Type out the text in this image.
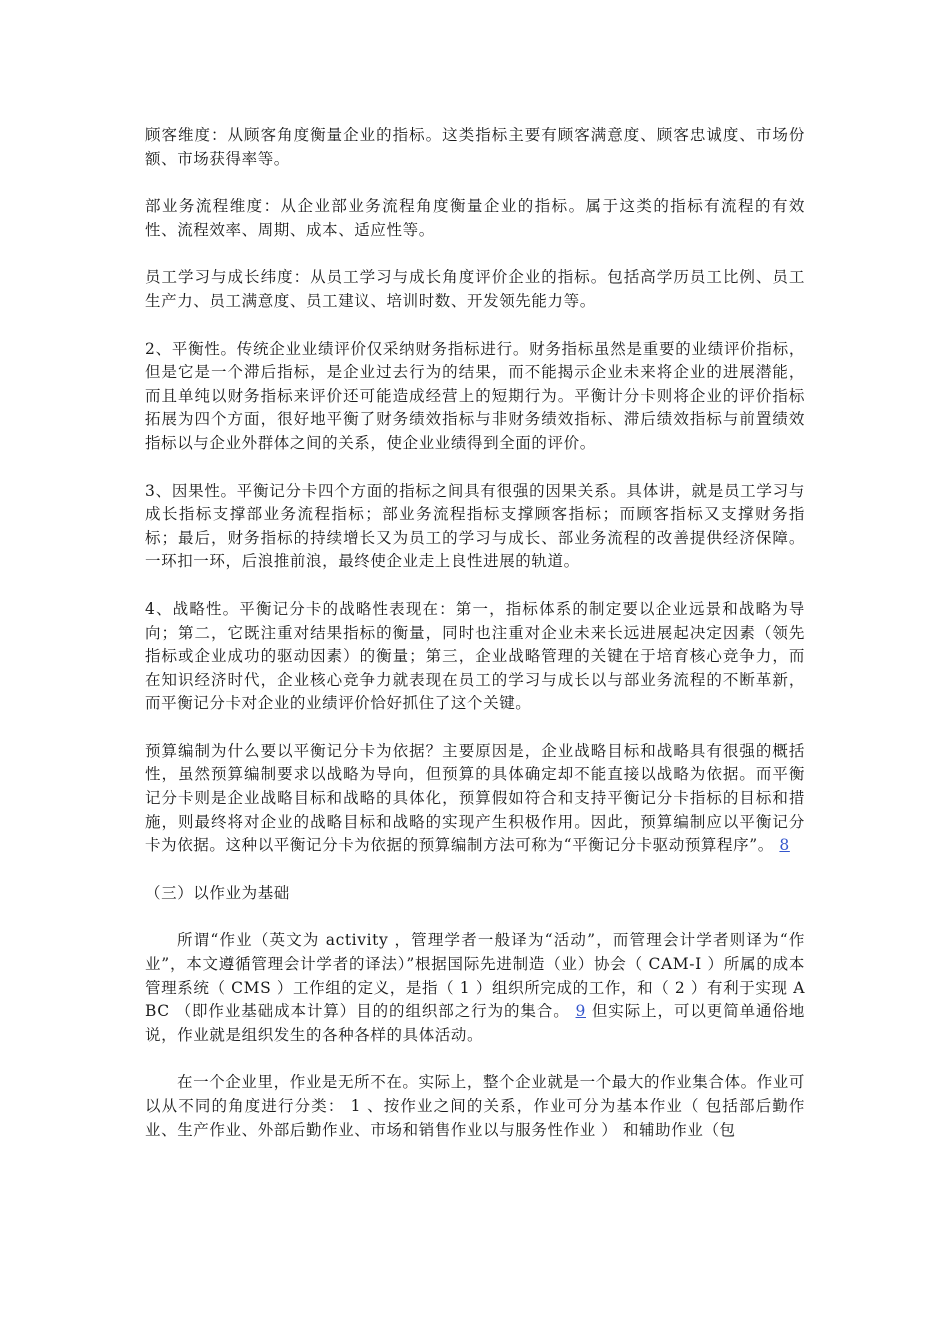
顾客维度：从顾客角度衡量企业的指标。这类指标主要有顾客满意度、顾客忠诚度、市场份额、市场获得率等。

部业务流程维度：从企业部业务流程角度衡量企业的指标。属于这类的指标有流程的有效性、流程效率、周期、成本、适应性等。

员工学习与成长纬度：从员工学习与成长角度评价企业的指标。包括高学历员工比例、员工生产力、员工满意度、员工建议、培训时数、开发领先能力等。

2、平衡性。传统企业业绩评价仅采纳财务指标进行。财务指标虽然是重要的业绩评价指标，但是它是一个滞后指标，是企业过去行为的结果，而不能揭示企业未来将企业的进展潜能，而且单纯以财务指标来评价还可能造成经营上的短期行为。平衡计分卡则将企业的评价指标拓展为四个方面，很好地平衡了财务绩效指标与非财务绩效指标、滞后绩效指标与前置绩效指标以与企业外群体之间的关系，使企业业绩得到全面的评价。

3、因果性。平衡记分卡四个方面的指标之间具有很强的因果关系。具体讲，就是员工学习与成长指标支撑部业务流程指标；部业务流程指标支撑顾客指标；而顾客指标又支撑财务指标；最后，财务指标的持续增长又为员工的学习与成长、部业务流程的改善提供经济保障。一环扣一环，后浪推前浪，最终使企业走上良性进展的轨道。

4、战略性。平衡记分卡的战略性表现在：第一，指标体系的制定要以企业远景和战略为导向；第二，它既注重对结果指标的衡量，同时也注重对企业未来长远进展起决定因素（领先指标或企业成功的驱动因素）的衡量；第三，企业战略管理的关键在于培育核心竞争力，而在知识经济时代，企业核心竞争力就表现在员工的学习与成长以与部业务流程的不断革新，而平衡记分卡对企业的业绩评价恰好抓住了这个关键。

预算编制为什么要以平衡记分卡为依据？主要原因是，企业战略目标和战略具有很强的概括性，虽然预算编制要求以战略为导向，但预算的具体确定却不能直接以战略为依据。而平衡记分卡则是企业战略目标和战略的具体化，预算假如符合和支持平衡记分卡指标的目标和措施，则最终将对企业的战略目标和战略的实现产生积极作用。因此，预算编制应以平衡记分卡为依据。这种以平衡记分卡为依据的预算编制方法可称为“平衡记分卡驱动预算程序”。 8

（三）以作业为基础

所谓“作业（英文为 activity ，管理学者一般译为“活动”，而管理会计学者则译为“作业”，本文遵循管理会计学者的译法）”根据国际先进制造（业）协会（ CAM-I ）所属的成本管理系统（ CMS ）工作组的定义，是指（ 1 ）组织所完成的工作，和（ 2 ）有利于实现 ABC （即作业基础成本计算）目的的组织部之行为的集合。 9 但实际上，可以更简单通俗地说，作业就是组织发生的各种各样的具体活动。

在一个企业里，作业是无所不在。实际上，整个企业就是一个最大的作业集合体。作业可以从不同的角度进行分类： 1 、按作业之间的关系，作业可分为基本作业（ 包括部后勤作业、生产作业、外部后勤作业、市场和销售作业以与服务性作业 ） 和辅助作业（包
